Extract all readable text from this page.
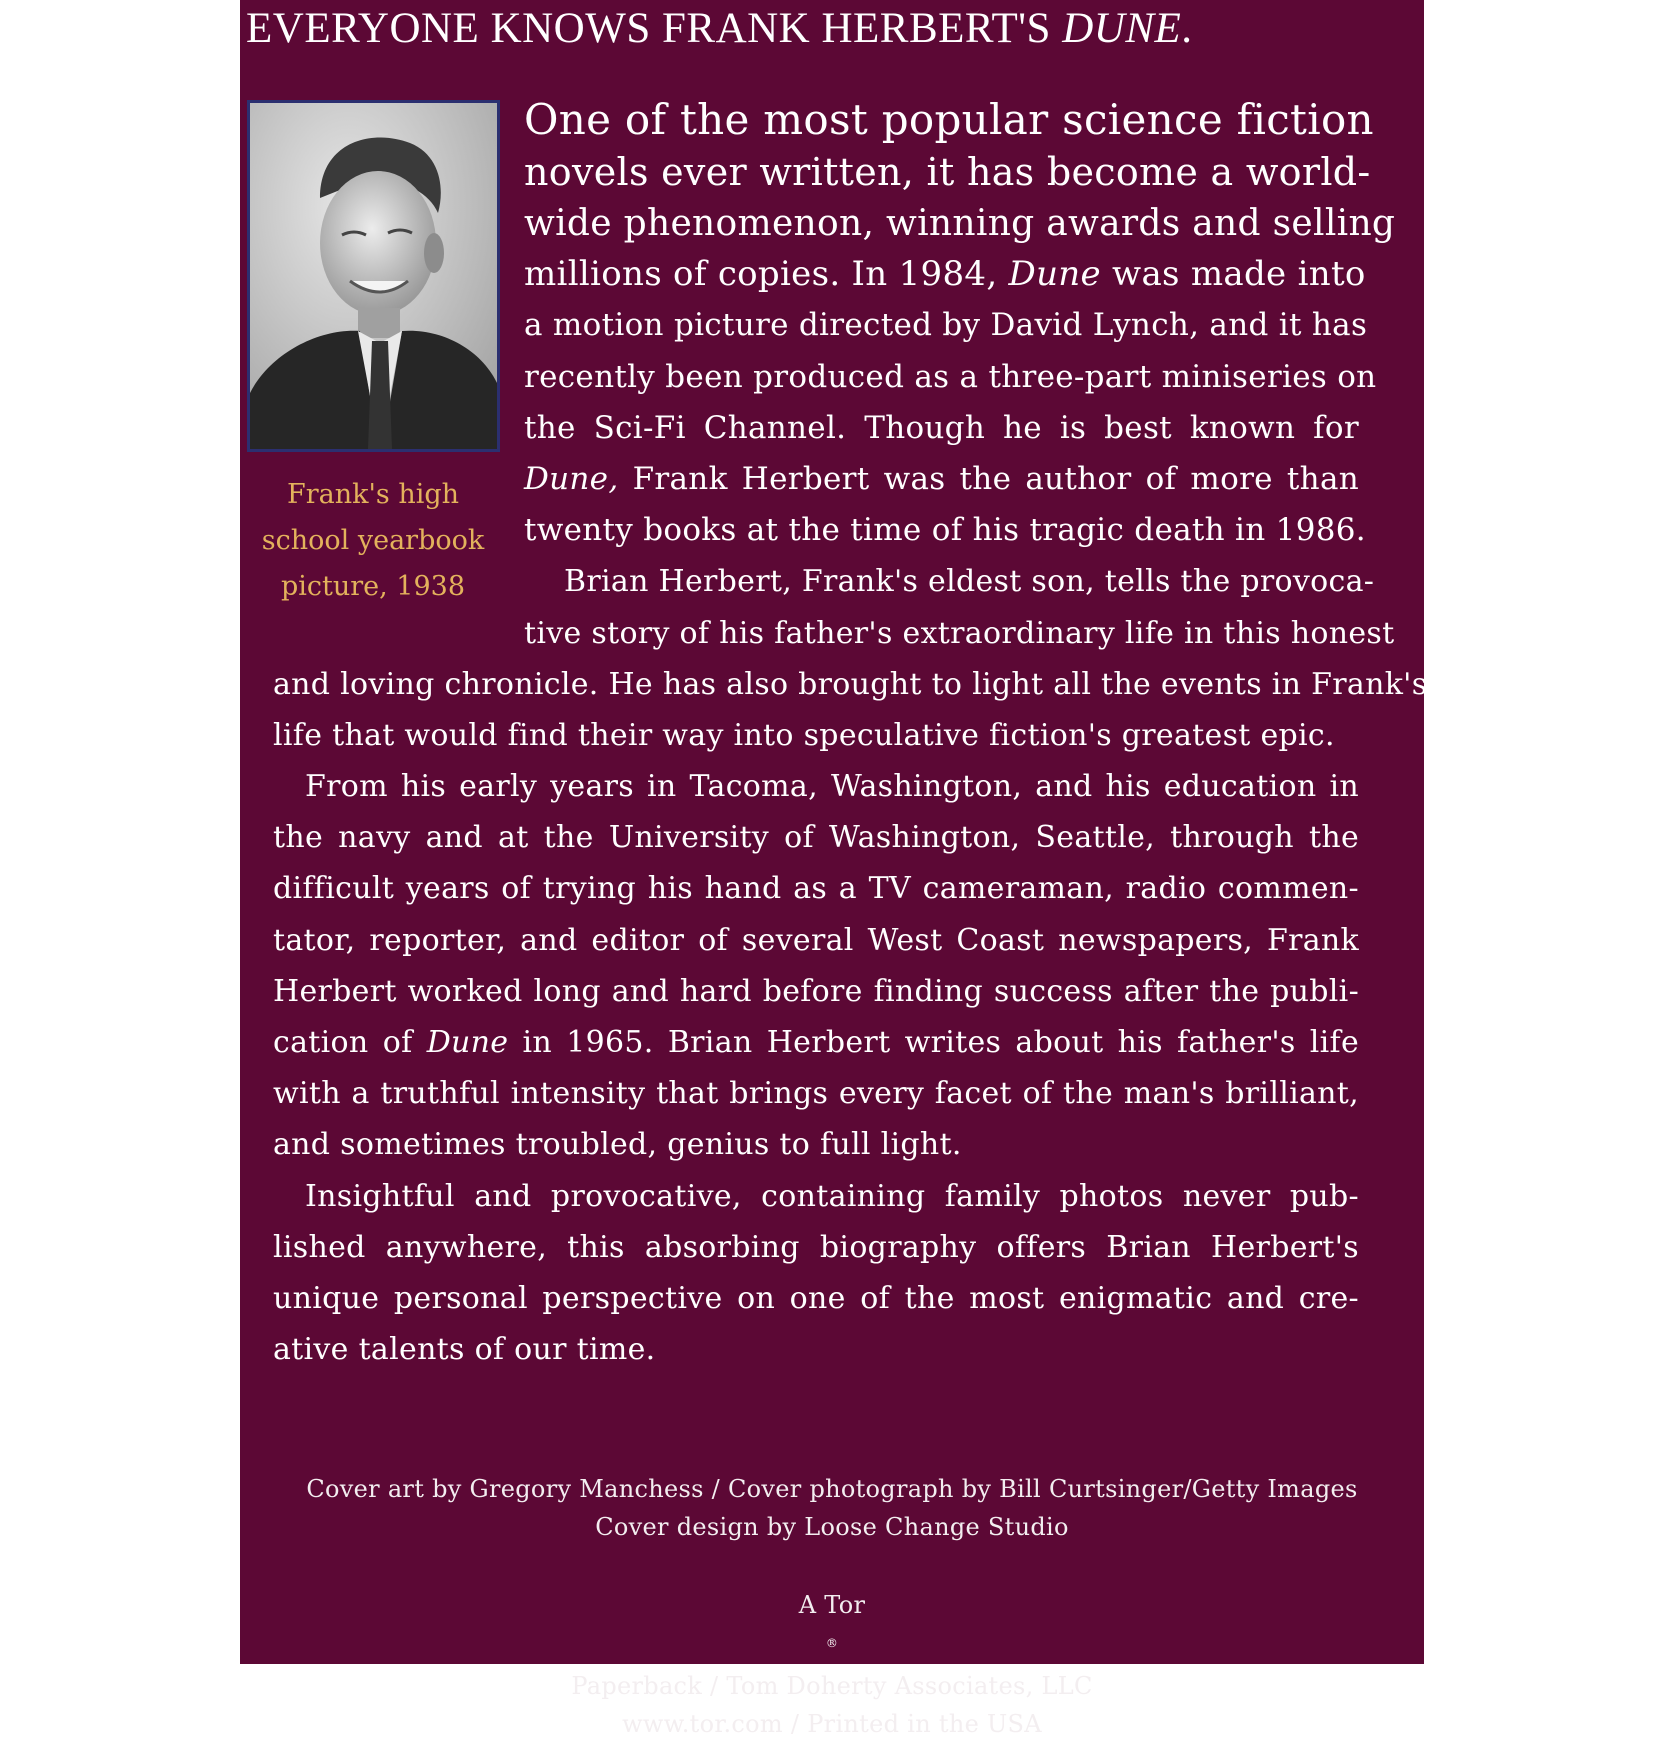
EVERYONE KNOWS FRANK HERBERT'S DUNE.
Frank's high
school yearbook
picture, 1938
One of the most popular science fiction
novels ever written, it has become a world-
wide phenomenon, winning awards and selling
millions of copies. In 1984, Dune was made into
a motion picture directed by David Lynch, and it has
recently been produced as a three-part miniseries on
the Sci-Fi Channel. Though he is best known for
Dune, Frank Herbert was the author of more than
twenty books at the time of his tragic death in 1986.
Brian Herbert, Frank's eldest son, tells the provoca-
tive story of his father's extraordinary life in this honest
and loving chronicle. He has also brought to light all the events in Frank's
life that would find their way into speculative fiction's greatest epic.
From his early years in Tacoma, Washington, and his education in
the navy and at the University of Washington, Seattle, through the
difficult years of trying his hand as a TV cameraman, radio commen-
tator, reporter, and editor of several West Coast newspapers, Frank
Herbert worked long and hard before finding success after the publi-
cation of Dune in 1965. Brian Herbert writes about his father's life
with a truthful intensity that brings every facet of the man's brilliant,
and sometimes troubled, genius to full light.
Insightful and provocative, containing family photos never pub-
lished anywhere, this absorbing biography offers Brian Herbert's
unique personal perspective on one of the most enigmatic and cre-
ative talents of our time.
Cover art by Gregory Manchess / Cover photograph by Bill Curtsinger/Getty Images
Cover design by Loose Change Studio
A Tor
®
Paperback / Tom Doherty Associates, LLC
www.tor.com / Printed in the USA
